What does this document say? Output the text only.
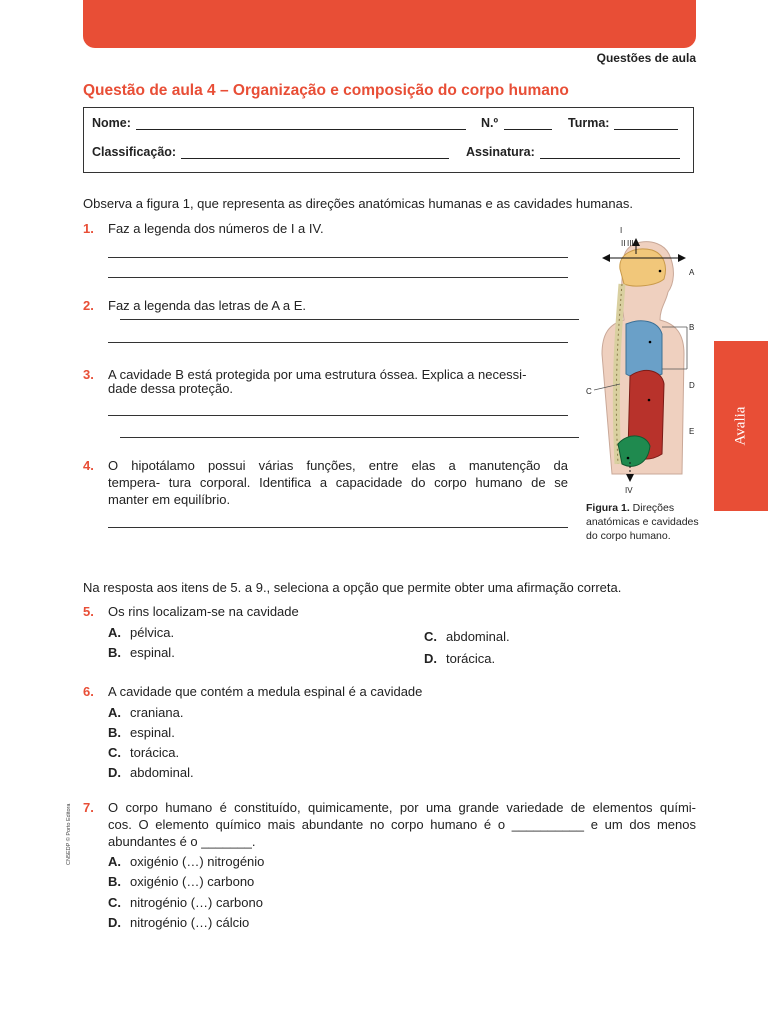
Questões de aula
Questão de aula 4 – Organização e composição do corpo humano
Nome:	N.º	Turma:
Classificação:	Assinatura:
Observa a figura 1, que representa as direções anatómicas humanas e as cavidades humanas.
1. Faz a legenda dos números de I a IV.
2. Faz a legenda das letras de A a E.
3. A cavidade B está protegida por uma estrutura óssea. Explica a necessi-
dade dessa proteção.
4. O hipotálamo possui várias funções, entre elas a manutenção da
tempera- tura corporal. Identifica a capacidade do corpo humano de se
manter em equilíbrio.
I
II III
A
B
C
D
E
IV
Figura 1. Direções anatómicas e cavidades do corpo humano.
Na resposta aos itens de 5. a 9., seleciona a opção que permite obter uma afirmação correta.
5. Os rins localizam-se na cavidade
A. pélvica.
B. espinal.
C. abdominal.
D. torácica.
6. A cavidade que contém a medula espinal é a cavidade
A. craniana.
B. espinal.
C. torácica.
D. abdominal.
7. O corpo humano é constituído, quimicamente, por uma grande variedade de elementos quími-
cos. O elemento químico mais abundante no corpo humano é o __________ e um dos menos
abundantes é o _______.
A. oxigénio (…) nitrogénio
B. oxigénio (…) carbono
C. nitrogénio (…) carbono
D. nitrogénio (…) cálcio
Avalia
CN5EDP © Porto Editora
